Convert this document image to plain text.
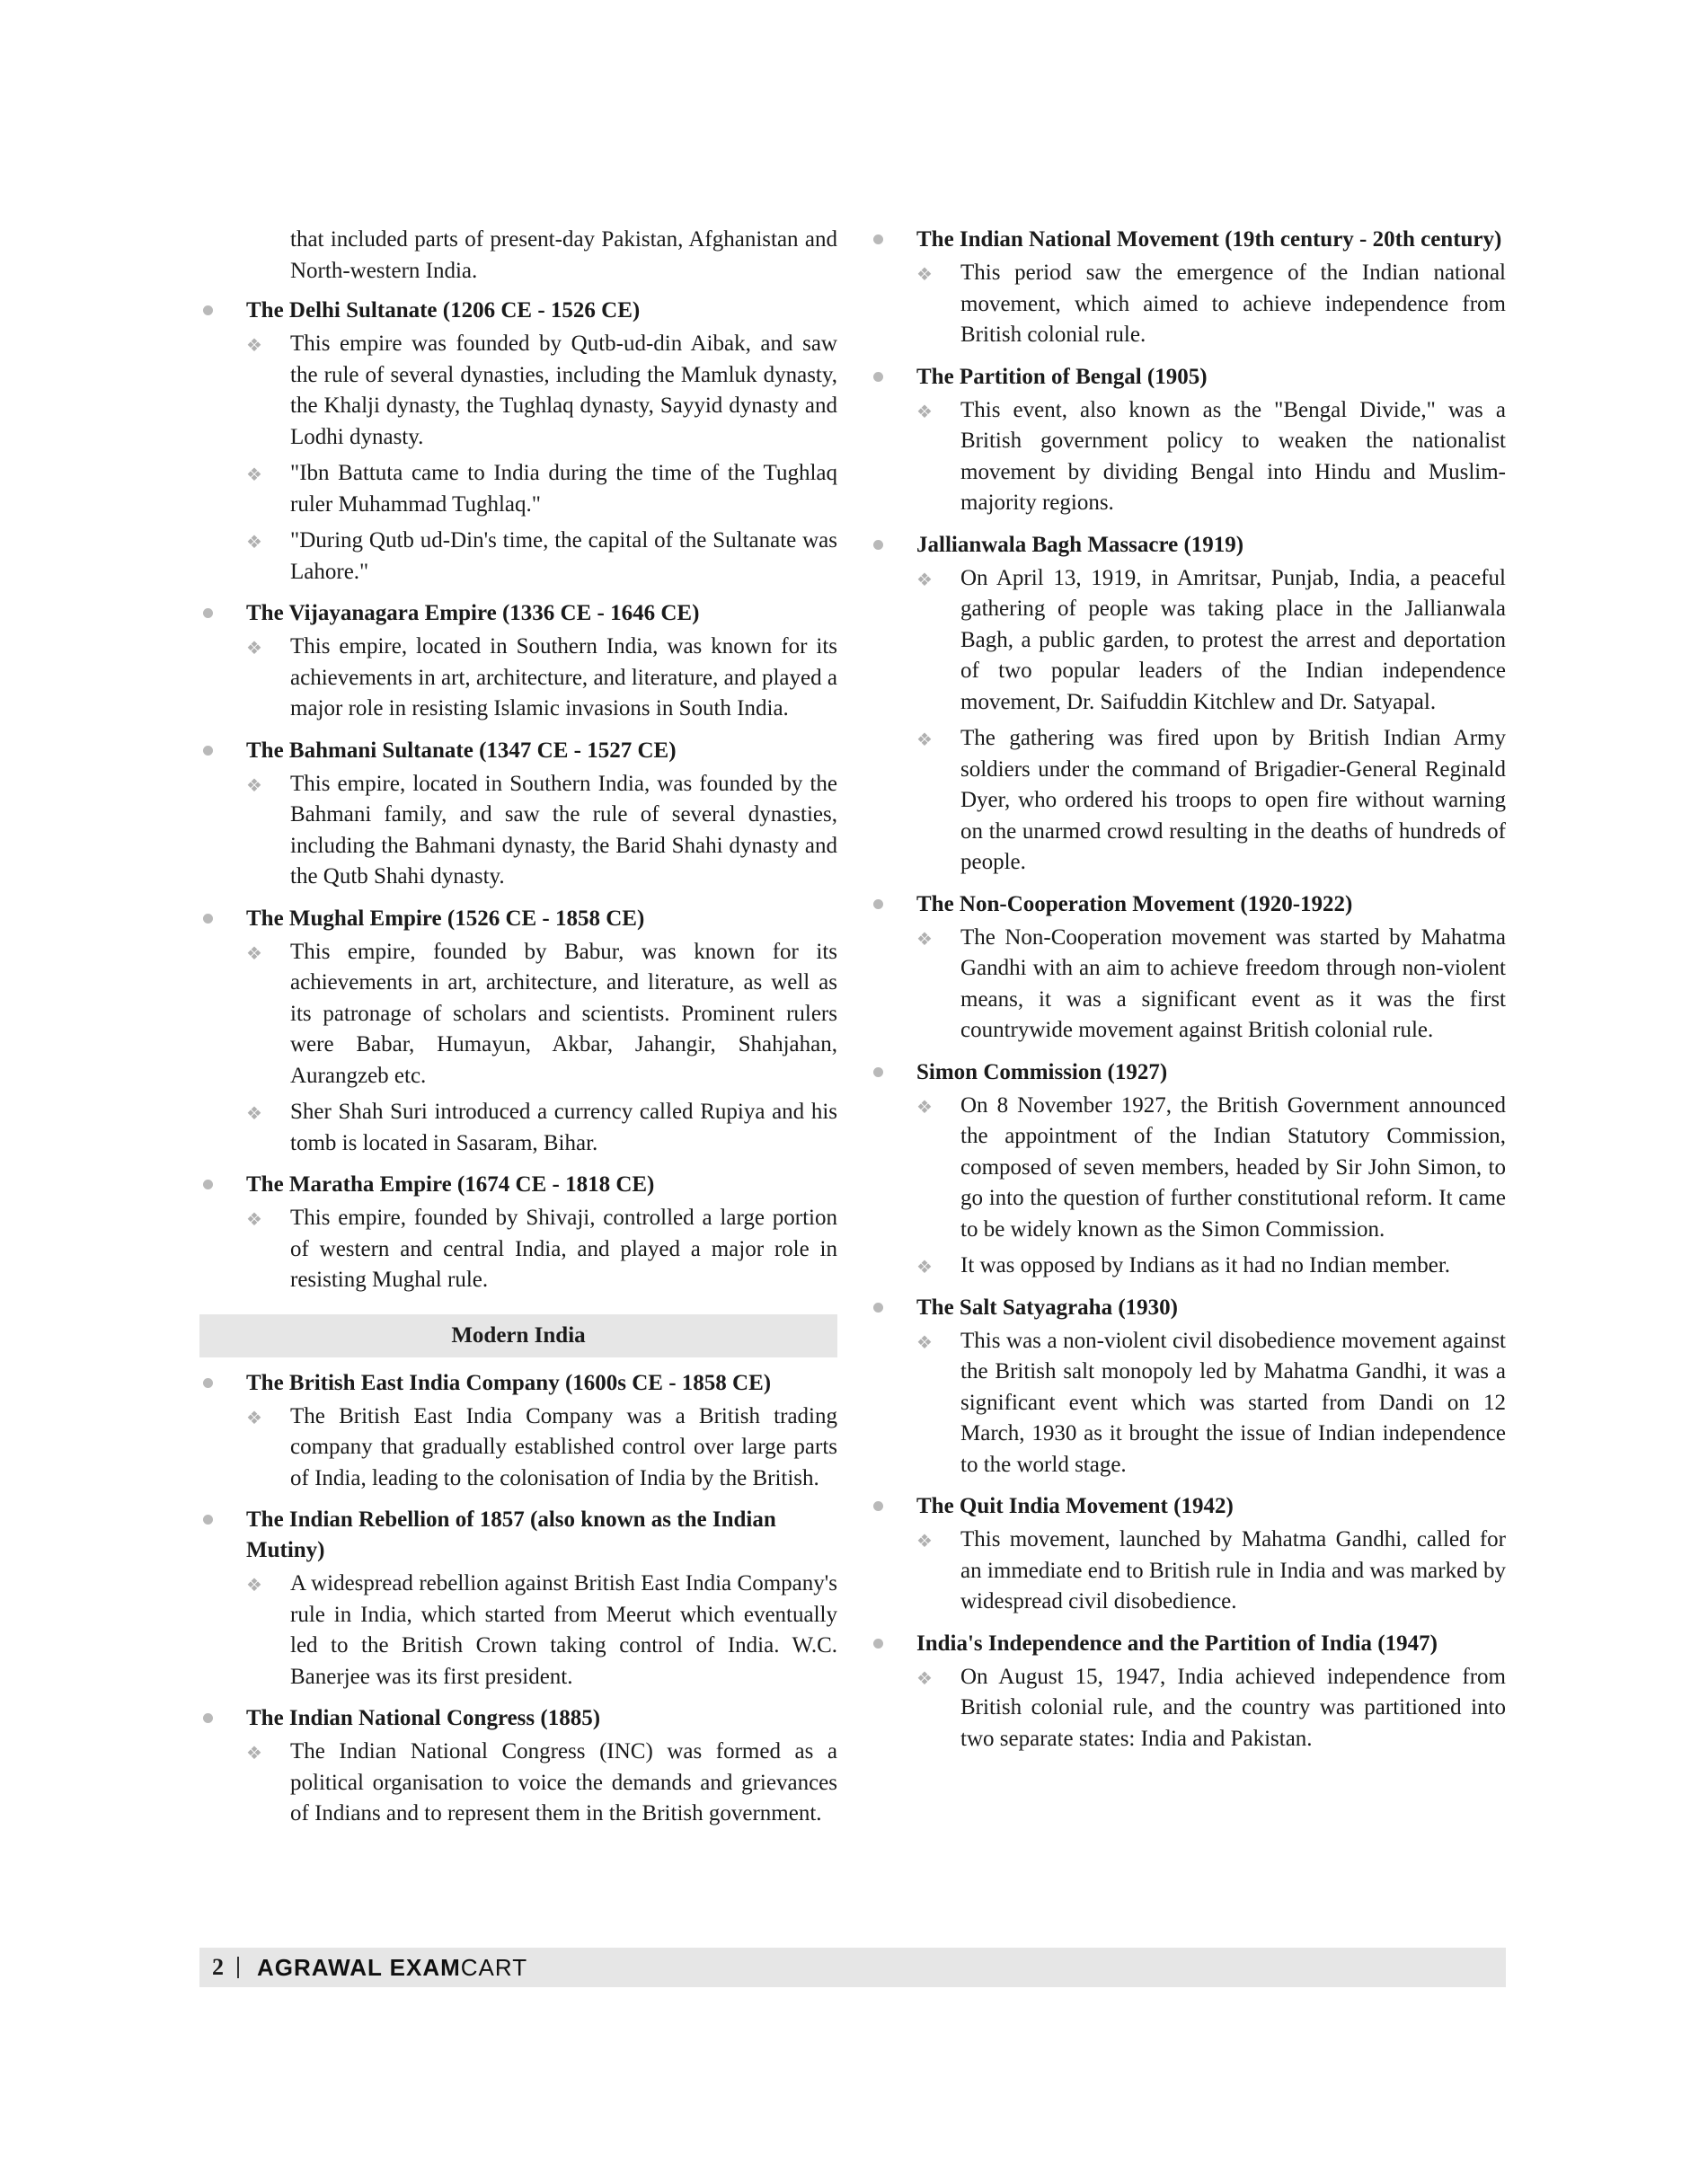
that included parts of present-day Pakistan, Afghanistan and North-western India.
The Delhi Sultanate (1206 CE - 1526 CE)
❖ This empire was founded by Qutb-ud-din Aibak, and saw the rule of several dynasties, including the Mamluk dynasty, the Khalji dynasty, the Tughlaq dynasty, Sayyid dynasty and Lodhi dynasty.
❖ "Ibn Battuta came to India during the time of the Tughlaq ruler Muhammad Tughlaq."
❖ "During Qutb ud-Din's time, the capital of the Sultanate was Lahore."
The Vijayanagara Empire (1336 CE - 1646 CE)
❖ This empire, located in Southern India, was known for its achievements in art, architecture, and literature, and played a major role in resisting Islamic invasions in South India.
The Bahmani Sultanate (1347 CE - 1527 CE)
❖ This empire, located in Southern India, was founded by the Bahmani family, and saw the rule of several dynasties, including the Bahmani dynasty, the Barid Shahi dynasty and the Qutb Shahi dynasty.
The Mughal Empire (1526 CE - 1858 CE)
❖ This empire, founded by Babur, was known for its achievements in art, architecture, and literature, as well as its patronage of scholars and scientists. Prominent rulers were Babar, Humayun, Akbar, Jahangir, Shahjahan, Aurangzeb etc.
❖ Sher Shah Suri introduced a currency called Rupiya and his tomb is located in Sasaram, Bihar.
The Maratha Empire (1674 CE - 1818 CE)
❖ This empire, founded by Shivaji, controlled a large portion of western and central India, and played a major role in resisting Mughal rule.
Modern India
The British East India Company (1600s CE - 1858 CE)
❖ The British East India Company was a British trading company that gradually established control over large parts of India, leading to the colonisation of India by the British.
The Indian Rebellion of 1857 (also known as the Indian Mutiny)
❖ A widespread rebellion against British East India Company's rule in India, which started from Meerut which eventually led to the British Crown taking control of India. W.C. Banerjee was its first president.
The Indian National Congress (1885)
❖ The Indian National Congress (INC) was formed as a political organisation to voice the demands and grievances of Indians and to represent them in the British government.
The Indian National Movement (19th century - 20th century)
❖ This period saw the emergence of the Indian national movement, which aimed to achieve independence from British colonial rule.
The Partition of Bengal (1905)
❖ This event, also known as the "Bengal Divide," was a British government policy to weaken the nationalist movement by dividing Bengal into Hindu and Muslim-majority regions.
Jallianwala Bagh Massacre (1919)
❖ On April 13, 1919, in Amritsar, Punjab, India, a peaceful gathering of people was taking place in the Jallianwala Bagh, a public garden, to protest the arrest and deportation of two popular leaders of the Indian independence movement, Dr. Saifuddin Kitchlew and Dr. Satyapal.
❖ The gathering was fired upon by British Indian Army soldiers under the command of Brigadier-General Reginald Dyer, who ordered his troops to open fire without warning on the unarmed crowd resulting in the deaths of hundreds of people.
The Non-Cooperation Movement (1920-1922)
❖ The Non-Cooperation movement was started by Mahatma Gandhi with an aim to achieve freedom through non-violent means, it was a significant event as it was the first countrywide movement against British colonial rule.
Simon Commission (1927)
❖ On 8 November 1927, the British Government announced the appointment of the Indian Statutory Commission, composed of seven members, headed by Sir John Simon, to go into the question of further constitutional reform. It came to be widely known as the Simon Commission.
❖ It was opposed by Indians as it had no Indian member.
The Salt Satyagraha (1930)
❖ This was a non-violent civil disobedience movement against the British salt monopoly led by Mahatma Gandhi, it was a significant event which was started from Dandi on 12 March, 1930 as it brought the issue of Indian independence to the world stage.
The Quit India Movement (1942)
❖ This movement, launched by Mahatma Gandhi, called for an immediate end to British rule in India and was marked by widespread civil disobedience.
India's Independence and the Partition of India (1947)
❖ On August 15, 1947, India achieved independence from British colonial rule, and the country was partitioned into two separate states: India and Pakistan.
2 AGRAWAL EXAMCART
